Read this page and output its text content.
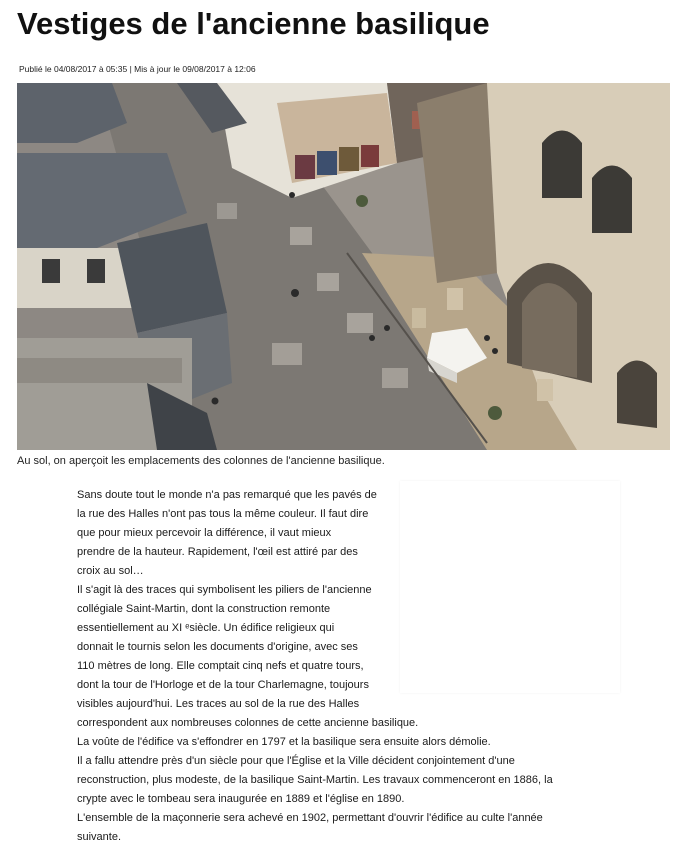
Vestiges de l'ancienne basilique
Publié le 04/08/2017 à 05:35 | Mis à jour le 09/08/2017 à 12:06
Au sol, on aperçoit les emplacements des colonnes de l'ancienne basilique.
Sans doute tout le monde n'a pas remarqué que les pavés de
la rue des Halles n'ont pas tous la même couleur. Il faut dire
que pour mieux percevoir la différence, il vaut mieux
prendre de la hauteur. Rapidement, l'œil est attiré par des
croix au sol…
Il s'agit là des traces qui symbolisent les piliers de l'ancienne
collégiale Saint-Martin, dont la construction remonte
essentiellement au XI ᵉsiècle. Un édifice religieux qui
donnait le tournis selon les documents d'origine, avec ses
110 mètres de long. Elle comptait cinq nefs et quatre tours,
dont la tour de l'Horloge et de la tour Charlemagne, toujours
visibles aujourd'hui. Les traces au sol de la rue des Halles
correspondent aux nombreuses colonnes de cette ancienne basilique.
La voûte de l'édifice va s'effondrer en 1797 et la basilique sera ensuite alors démolie.
Il a fallu attendre près d'un siècle pour que l'Église et la Ville décident conjointement d'une
reconstruction, plus modeste, de la basilique Saint-Martin. Les travaux commenceront en 1886, la
crypte avec le tombeau sera inaugurée en 1889 et l'église en 1890.
L'ensemble de la maçonnerie sera achevé en 1902, permettant d'ouvrir l'édifice au culte l'année
suivante.
